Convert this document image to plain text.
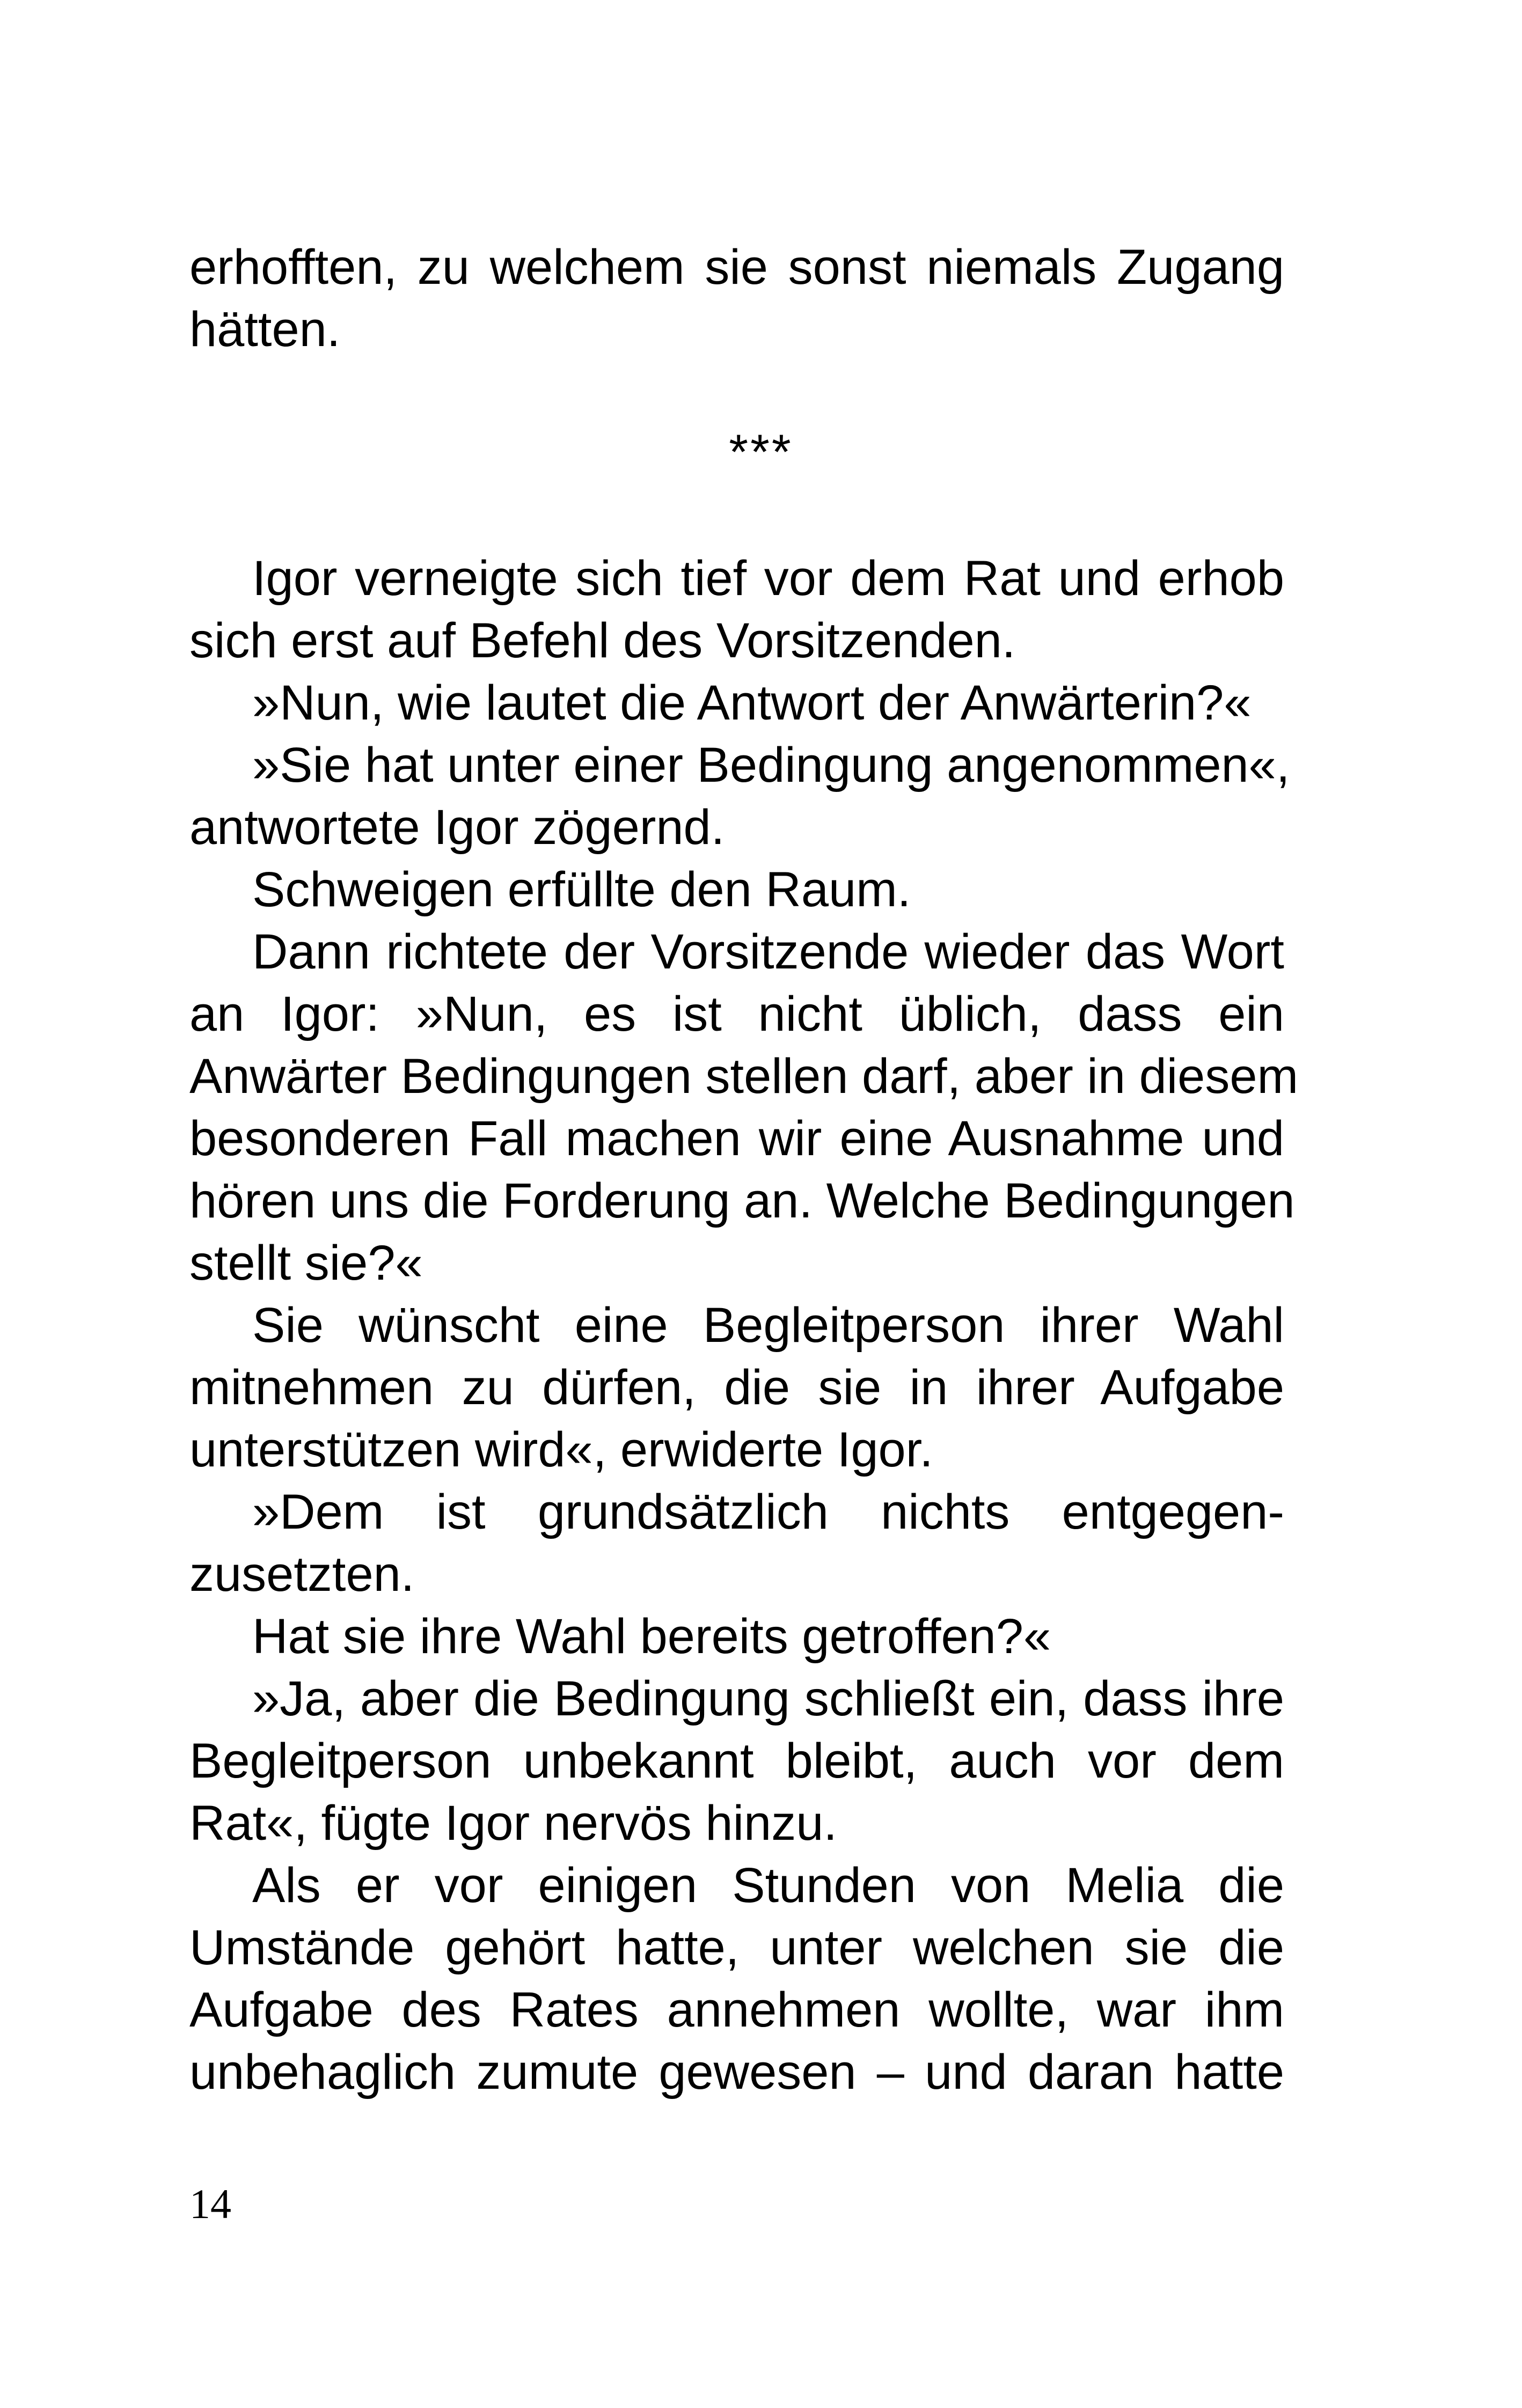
erhofften, zu welchem sie sonst niemals Zugang
hätten.
***
Igor verneigte sich tief vor dem Rat und erhob
sich erst auf Befehl des Vorsitzenden.
»Nun, wie lautet die Antwort der Anwärterin?«
»Sie hat unter einer Bedingung angenommen«,
antwortete Igor zögernd.
Schweigen erfüllte den Raum.
Dann richtete der Vorsitzende wieder das Wort
an Igor: »Nun, es ist nicht üblich, dass ein
Anwärter Bedingungen stellen darf, aber in diesem
besonderen Fall machen wir eine Ausnahme und
hören uns die Forderung an. Welche Bedingungen
stellt sie?«
Sie wünscht eine Begleitperson ihrer Wahl
mitnehmen zu dürfen, die sie in ihrer Aufgabe
unterstützen wird«, erwiderte Igor.
»Dem ist grundsätzlich nichts entgegen-
zusetzten.
Hat sie ihre Wahl bereits getroffen?«
»Ja, aber die Bedingung schließt ein, dass ihre
Begleitperson unbekannt bleibt, auch vor dem
Rat«, fügte Igor nervös hinzu.
Als er vor einigen Stunden von Melia die
Umstände gehört hatte, unter welchen sie die
Aufgabe des Rates annehmen wollte, war ihm
unbehaglich zumute gewesen – und daran hatte
14
